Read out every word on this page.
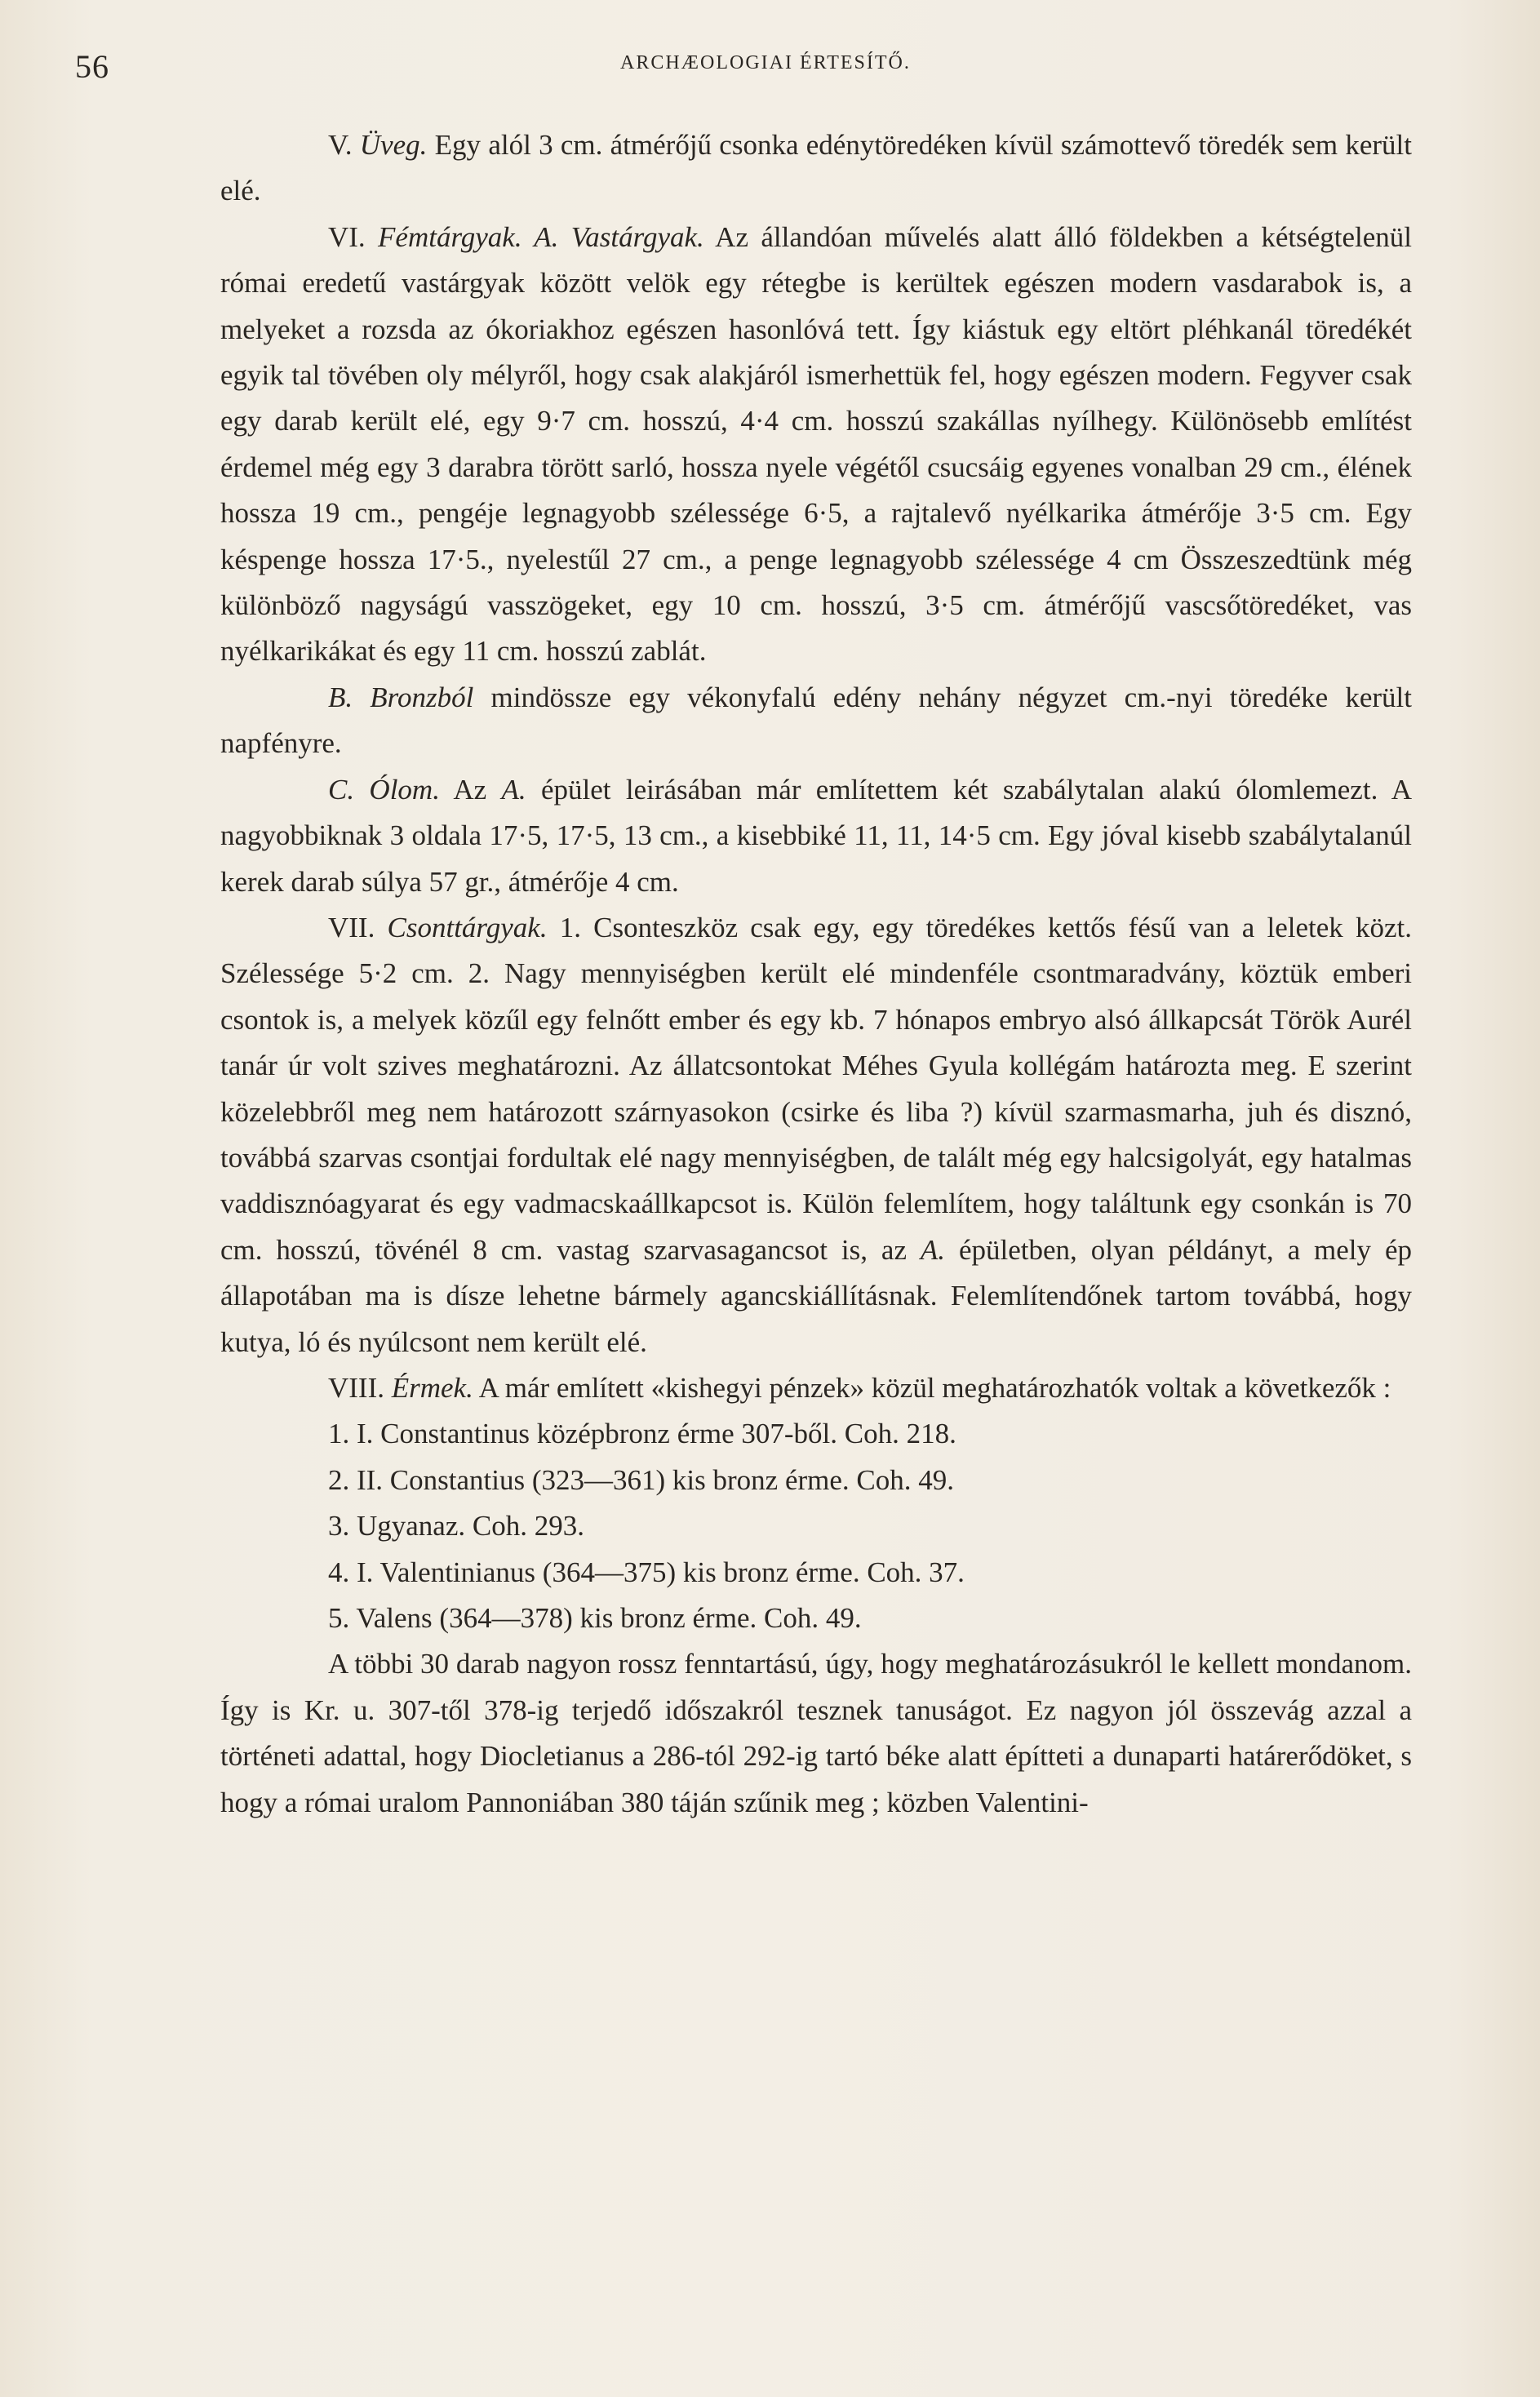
56	ARCHÆOLOGIAI ÉRTESÍTŐ.

V. Üveg. Egy alól 3 cm. átmérőjű csonka edénytöredéken kívül számottevő töredék sem került elé.

VI. Fémtárgyak. A. Vastárgyak. Az állandóan művelés alatt álló földekben a kétségtelenül római eredetű vastárgyak között velök egy rétegbe is kerültek egészen modern vasdarabok is, a melyeket a rozsda az ókoriakhoz egészen hasonlóvá tett. Így kiástuk egy eltört pléhkanál töredékét egyik tal tövében oly mélyről, hogy csak alakjáról ismerhettük fel, hogy egészen modern. Fegyver csak egy darab került elé, egy 9·7 cm. hosszú, 4·4 cm. hosszú szakállas nyílhegy. Különösebb említést érdemel még egy 3 darabra törött sarló, hossza nyele végétől csucsáig egyenes vonalban 29 cm., élének hossza 19 cm., pengéje legnagyobb szélessége 6·5, a rajtalevő nyélkarika átmérője 3·5 cm. Egy késpenge hossza 17·5., nyelestűl 27 cm., a penge legnagyobb szélessége 4 cm Összeszedtünk még különböző nagyságú vasszögeket, egy 10 cm. hosszú, 3·5 cm. átmérőjű vascsőtöredéket, vas nyélkarikákat és egy 11 cm. hosszú zablát.

B. Bronzból mindössze egy vékonyfalú edény nehány négyzet cm.-nyi töredéke került napfényre.

C. Ólom. Az A. épület leirásában már említettem két szabálytalan alakú ólomlemezt. A nagyobbiknak 3 oldala 17·5, 17·5, 13 cm., a kisebbiké 11, 11, 14·5 cm. Egy jóval kisebb szabálytalanúl kerek darab súlya 57 gr., átmérője 4 cm.

VII. Csonttárgyak. 1. Csonteszköz csak egy, egy töredékes kettős fésű van a leletek közt. Szélessége 5·2 cm. 2. Nagy mennyiségben került elé mindenféle csontmaradvány, köztük emberi csontok is, a melyek közűl egy felnőtt ember és egy kb. 7 hónapos embryo alsó állkapcsát Török Aurél tanár úr volt szives meghatározni. Az állatcsontokat Méhes Gyula kollégám határozta meg. E szerint közelebbről meg nem határozott szárnyasokon (csirke és liba ?) kívül szarmasmarha, juh és disznó, továbbá szarvas csontjai fordultak elé nagy mennyiségben, de talált még egy halcsigolyát, egy hatalmas vaddisznóagyarat és egy vadmacskaállkapcsot is. Külön felemlítem, hogy találtunk egy csonkán is 70 cm. hosszú, tövénél 8 cm. vastag szarvasagancsot is, az A. épületben, olyan példányt, a mely ép állapotában ma is dísze lehetne bármely agancskiállításnak. Felemlítendőnek tartom továbbá, hogy kutya, ló és nyúlcsont nem került elé.

VIII. Érmek. A már említett «kishegyi pénzek» közül meghatározhatók voltak a következők :

1. I. Constantinus középbronz érme 307-ből. Coh. 218.

2. II. Constantius (323—361) kis bronz érme. Coh. 49.

3. Ugyanaz. Coh. 293.

4. I. Valentinianus (364—375) kis bronz érme. Coh. 37.

5. Valens (364—378) kis bronz érme. Coh. 49.

A többi 30 darab nagyon rossz fenntartású, úgy, hogy meghatározásukról le kellett mondanom. Így is Kr. u. 307-től 378-ig terjedő időszakról tesznek tanuságot. Ez nagyon jól összevág azzal a történeti adattal, hogy Diocletianus a 286-tól 292-ig tartó béke alatt építteti a dunaparti határerődöket, s hogy a római uralom Pannoniában 380 táján szűnik meg ; közben Valentini-
